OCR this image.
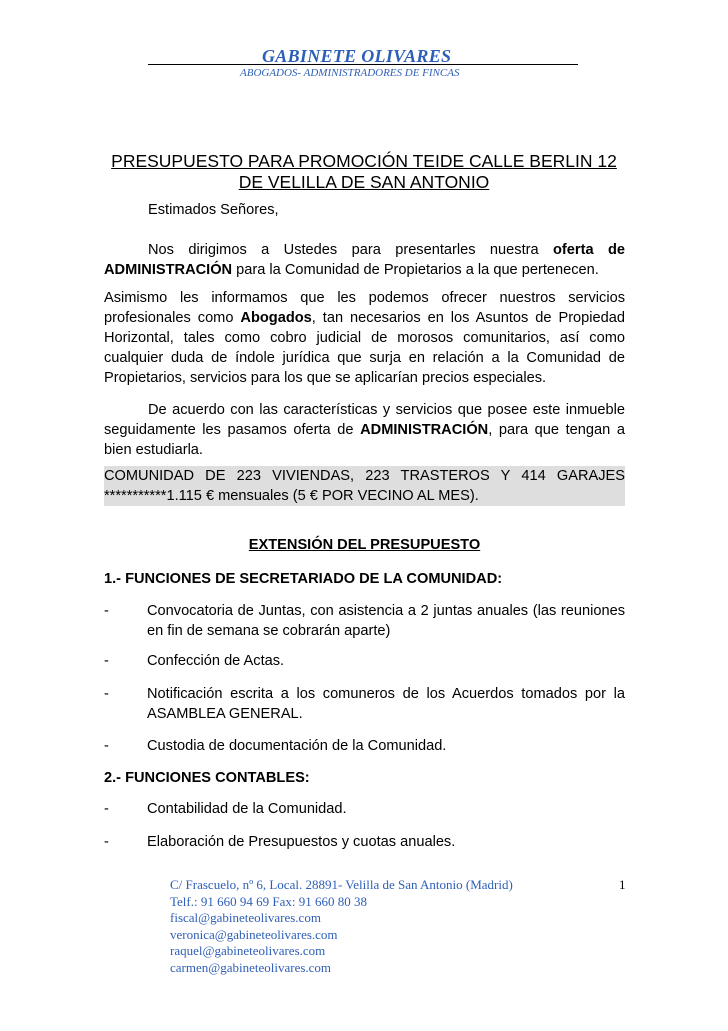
GABINETE OLIVARES
ABOGADOS- ADMINISTRADORES DE FINCAS
PRESUPUESTO PARA PROMOCIÓN TEIDE CALLE BERLIN 12
DE VELILLA DE SAN ANTONIO
Estimados Señores,
Nos dirigimos a Ustedes para presentarles nuestra oferta de ADMINISTRACIÓN para la Comunidad de Propietarios a la que pertenecen.
Asimismo les informamos que les podemos ofrecer nuestros servicios profesionales como Abogados, tan necesarios en los Asuntos de Propiedad Horizontal, tales como cobro judicial de morosos comunitarios, así como cualquier duda de índole jurídica que surja en relación a la Comunidad de Propietarios, servicios para los que se aplicarían precios especiales.
De acuerdo con las características y servicios que posee este inmueble seguidamente les pasamos oferta de ADMINISTRACIÓN, para que tengan a bien estudiarla.
COMUNIDAD DE 223 VIVIENDAS, 223 TRASTEROS Y 414 GARAJES
***********1.115 € mensuales (5 € POR VECINO AL MES).
EXTENSIÓN DEL PRESUPUESTO
1.- FUNCIONES DE SECRETARIADO DE LA COMUNIDAD:
-	Convocatoria de Juntas, con asistencia a 2 juntas anuales (las reuniones en fin de semana se cobrarán aparte)
-	Confección de Actas.
-	Notificación escrita a los comuneros de los Acuerdos tomados por la ASAMBLEA GENERAL.
-	Custodia de documentación de la Comunidad.
2.- FUNCIONES CONTABLES:
-	Contabilidad de la Comunidad.
-	Elaboración de Presupuestos y cuotas anuales.
C/ Frascuelo, nº 6, Local. 28891- Velilla de San Antonio (Madrid)
Telf.: 91 660 94 69 Fax: 91 660 80 38
fiscal@gabineteolivares.com
veronica@gabineteolivares.com
raquel@gabineteolivares.com
carmen@gabineteolivares.com
1
